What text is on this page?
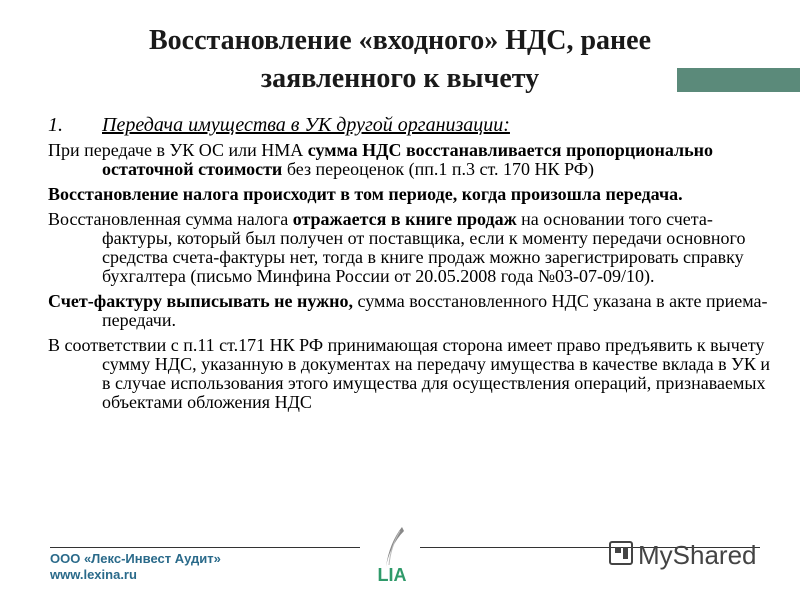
Восстановление «входного» НДС, ранее
заявленного к вычету
1. Передача имущества в УК другой организации:

При передаче в УК ОС или НМА сумма НДС восстанавливается пропорционально остаточной стоимости без переоценок (пп.1 п.3 ст. 170 НК РФ)

Восстановление налога происходит в том периоде, когда произошла передача.

Восстановленная сумма налога отражается в книге продаж на основании того счета-фактуры, который был получен от поставщика, если к моменту передачи основного средства счета-фактуры нет, тогда в книге продаж можно зарегистрировать справку бухгалтера (письмо Минфина России от 20.05.2008 года №03-07-09/10).

Счет-фактуру выписывать не нужно, сумма восстановленного НДС указана в акте приема-передачи.

В соответствии с п.11 ст.171 НК РФ принимающая сторона имеет право предъявить к вычету сумму НДС, указанную в документах на передачу имущества в качестве вклада в УК и в случае использования этого имущества для осуществления операций, признаваемых объектами обложения НДС

ООО «Лекс-Инвест Аудит»
www.lexina.ru	LIA
MyShared
